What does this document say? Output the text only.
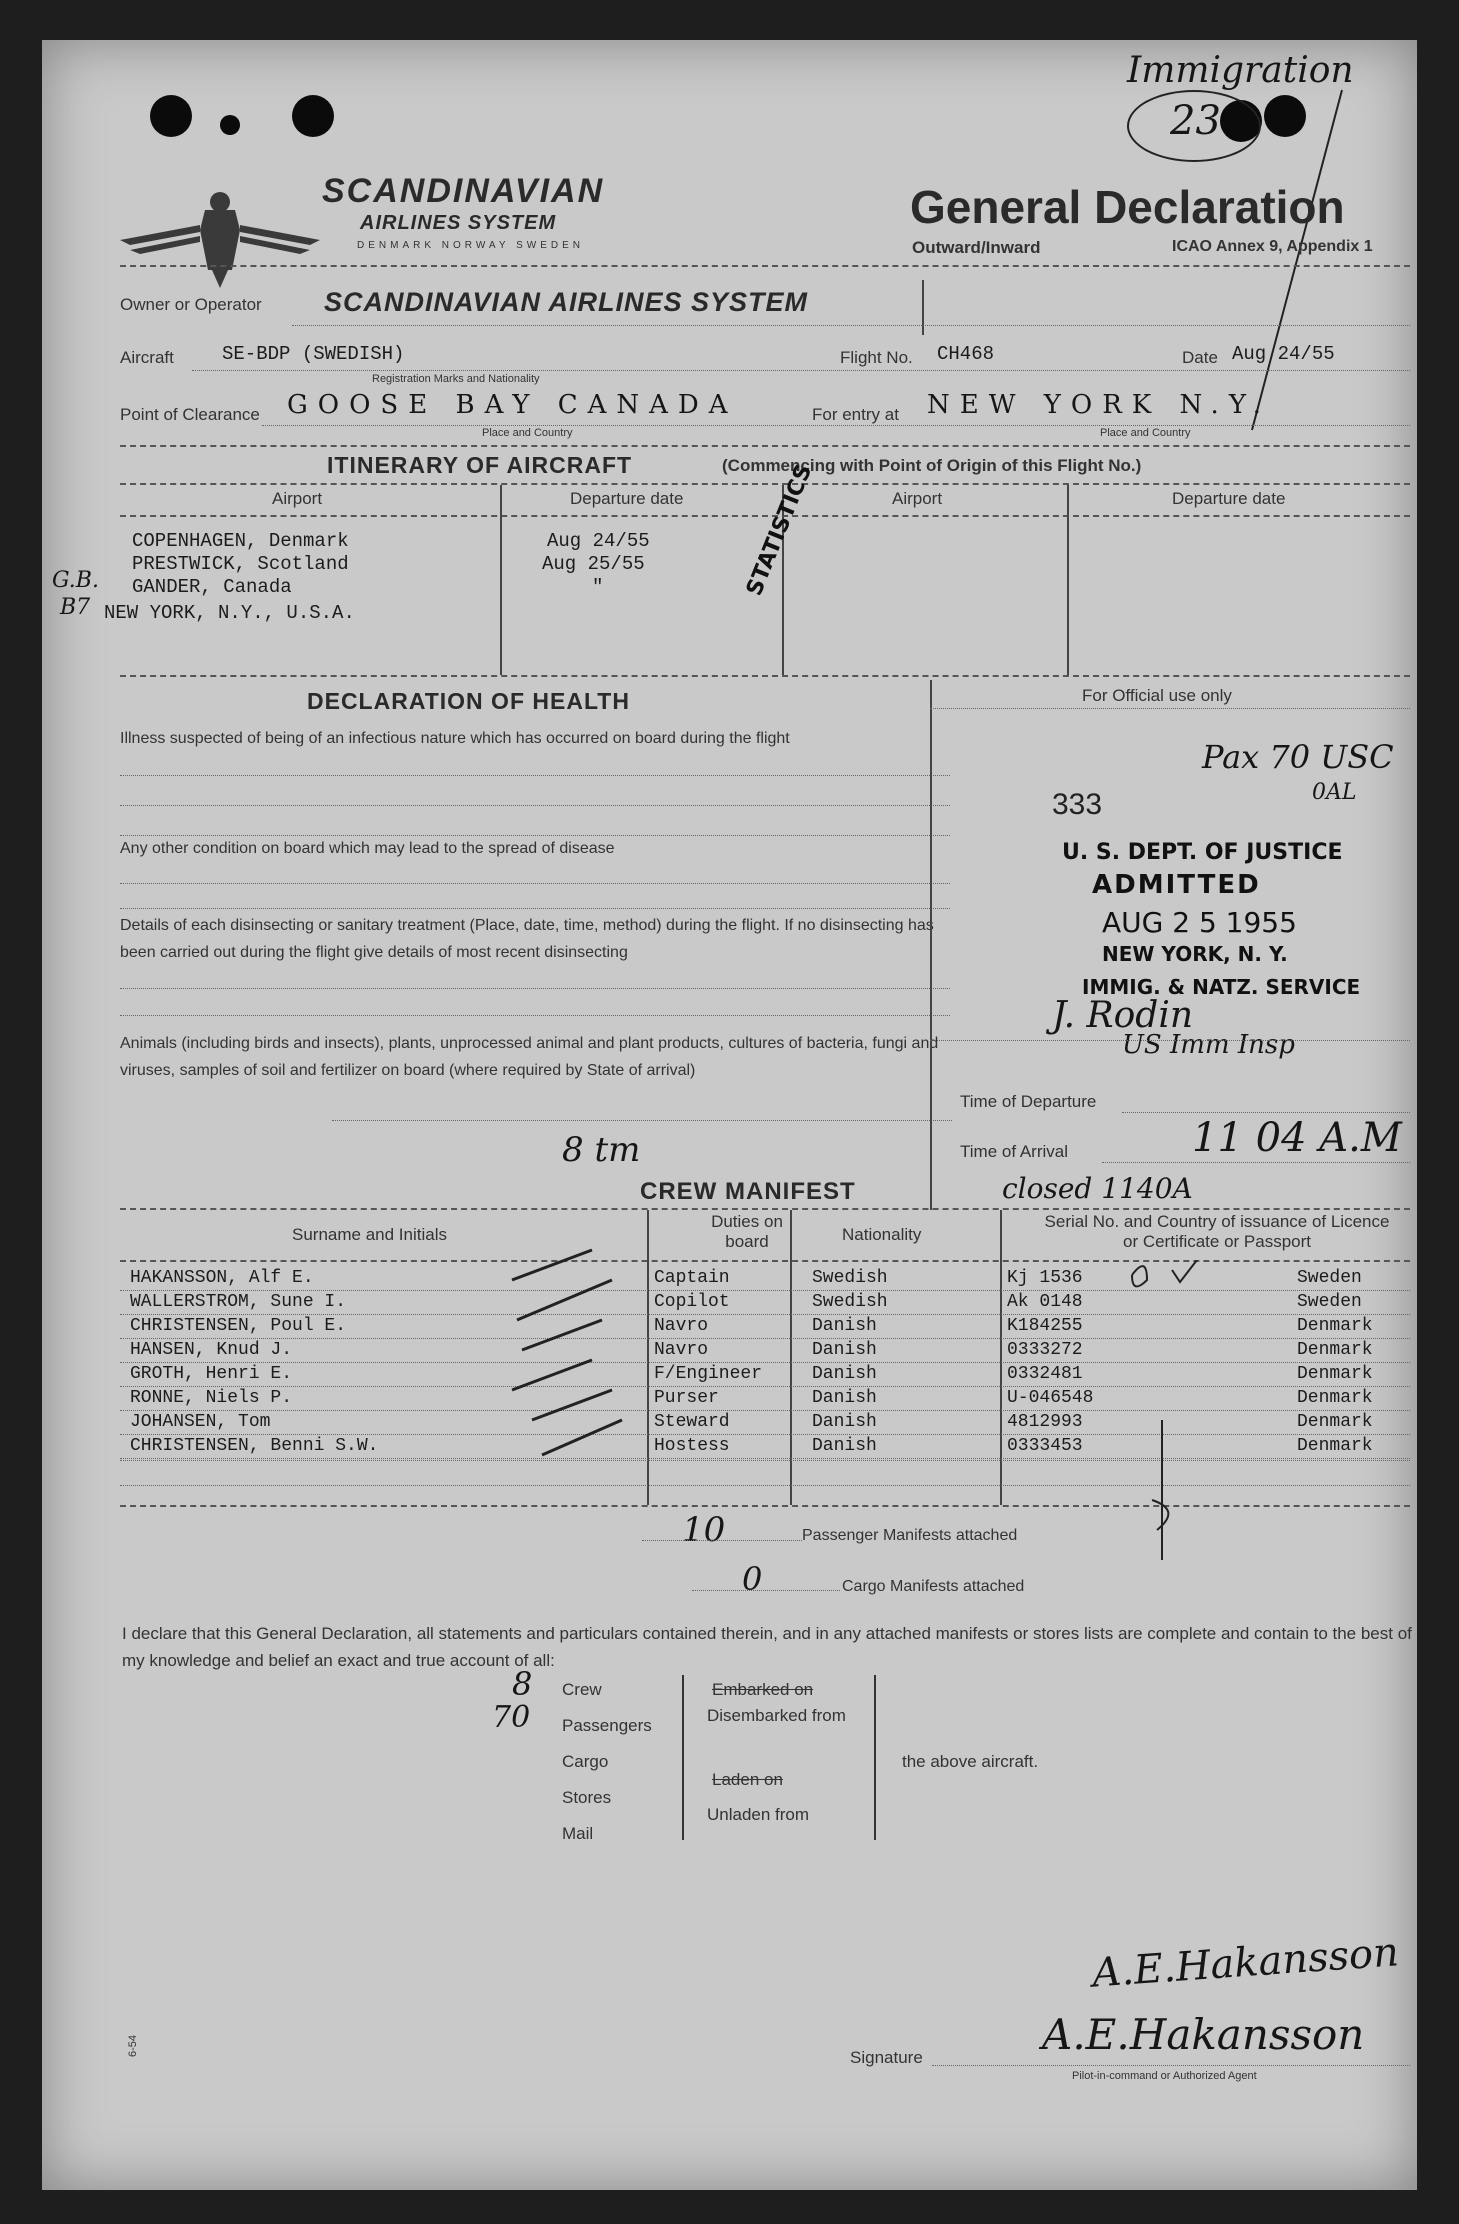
Immigration
23
SCANDINAVIAN
AIRLINES SYSTEM
DENMARK NORWAY SWEDEN
General Declaration
Outward/Inward	ICAO Annex 9, Appendix 1
Owner or Operator SCANDINAVIAN AIRLINES SYSTEM
Aircraft	SE-BDP (SWEDISH)
Registration Marks and Nationality
Flight No. CH468	Date Aug 24/55
Point of Clearance GOOSE BAY CANADA
Place and Country
For entry at NEW YORK N.Y.
Place and Country
ITINERARY OF AIRCRAFT	(Commencing with Point of Origin of this Flight No.)
Airport	Departure date	Airport	Departure date
COPENHAGEN, Denmark	Aug 24/55
PRESTWICK, Scotland	Aug 25/55
GANDER, Canada	"
NEW YORK, N.Y., U.S.A.
G.B.
B7
STATISTICS
DECLARATION OF HEALTH
Illness suspected of being of an infectious nature which has occurred on board during the flight
Any other condition on board which may lead to the spread of disease
Details of each disinsecting or sanitary treatment (Place, date, time, method) during the flight. If no disinsecting has been carried out during the flight give details of most recent disinsecting
Animals (including birds and insects), plants, unprocessed animal and plant products, cultures of bacteria, fungi and viruses, samples of soil and fertilizer on board (where required by State of arrival)
8 tm
For Official use only
333
Pax 70 USC
0AL
U. S. DEPT. OF JUSTICE
ADMITTED
AUG 2 5 1955
NEW YORK, N. Y.
IMMIG. & NATZ. SERVICE
J. Rodin
US Imm Insp
Time of Departure
Time of Arrival	11 04 A.M
closed 1140A
CREW MANIFEST
Surname and Initials
Duties on board	Nationality
Serial No. and Country of issuance of Licence or Certificate or Passport
HAKANSSON, Alf E.	Captain	Swedish	Kj 1536	Sweden
WALLERSTROM, Sune I.	Copilot	Swedish	Ak 0148	Sweden
CHRISTENSEN, Poul E.	Navro	Danish	K184255	Denmark
HANSEN, Knud J.	Navro	Danish	0333272	Denmark
GROTH, Henri E.	F/Engineer	Danish	0332481	Denmark
RONNE, Niels P.	Purser	Danish	U-046548	Denmark
JOHANSEN, Tom	Steward	Danish	4812993	Denmark
CHRISTENSEN, Benni S.W.	Hostess	Danish	0333453	Denmark
10	Passenger Manifests attached
0	Cargo Manifests attached
I declare that this General Declaration, all statements and particulars contained therein, and in any attached manifests or stores lists are complete and contain to the best of my knowledge and belief an exact and true account of all:
8
70
Crew
Passengers
Cargo
Stores
Mail
Embarked on
Disembarked from
Laden on
Unladen from
the above aircraft.
A.E.Hakansson
Signature	A.E.Hakansson
Pilot-in-command or Authorized Agent
6-54
